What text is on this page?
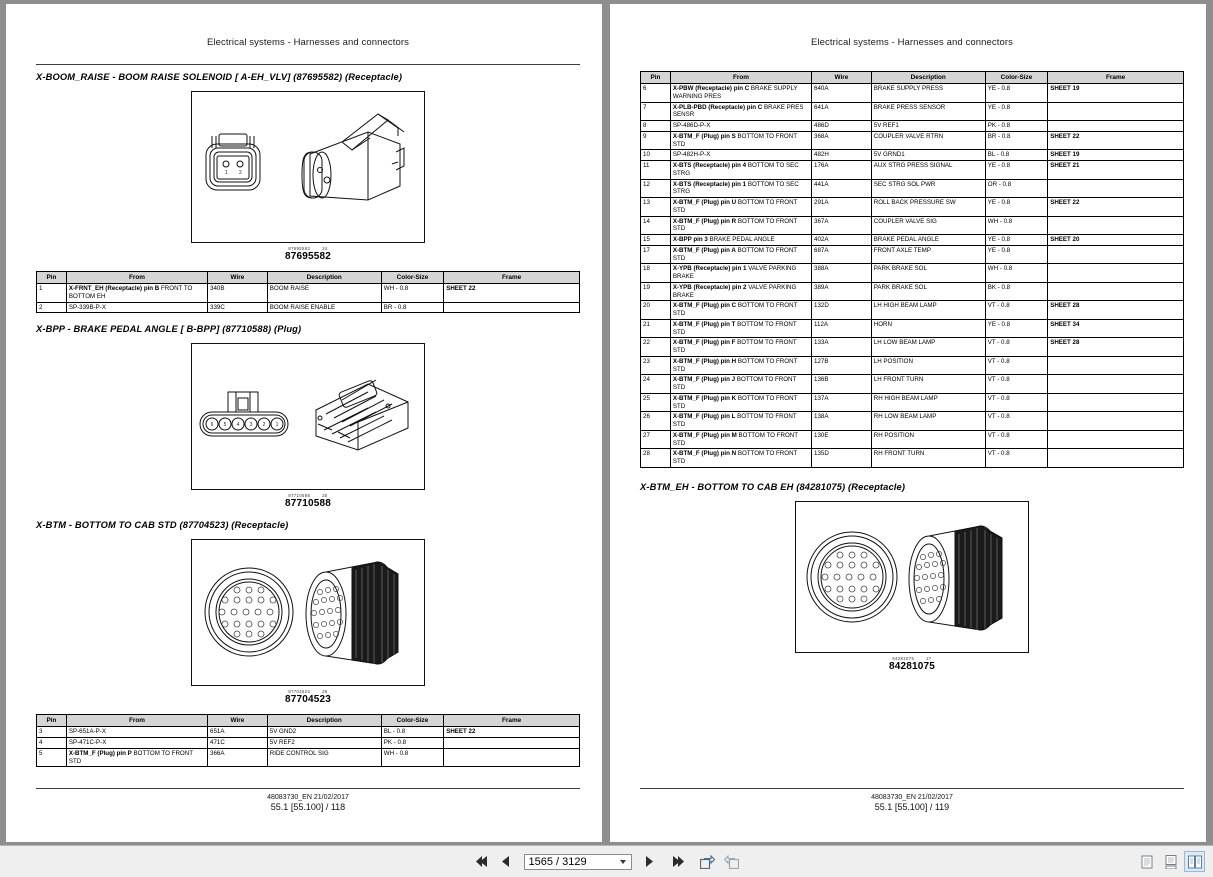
Electrical systems - Harnesses and connectors
X-BOOM_RAISE - BOOM RAISE SOLENOID [ A-EH_VLV] (87695582) (Receptacle)
1 2
87695582	24
87695582
Pin	From	Wire	Description	Color-Size	Frame
1	X-FRNT_EH (Receptacle) pin B FRONT TO BOTTOM EH	340B	BOOM RAISE	WH - 0.8	SHEET 22
2	SP-339B-P-X	339C	BOOM RAISE ENABLE	BR - 0.8	
X-BPP - BRAKE PEDAL ANGLE [ B-BPP] (87710588) (Plug)
6 5 4 3 2 1
87710588	25
87710588
X-BTM - BOTTOM TO CAB STD (87704523) (Receptacle)
87704523	26
87704523
Pin	From	Wire	Description	Color-Size	Frame
3	SP-651A-P-X	651A	5V GND2	BL - 0.8	SHEET 22
4	SP-471C-P-X	471C	5V REF2	PK - 0.8	
5	X-BTM_F (Plug) pin P BOTTOM TO FRONT STD	366A	RIDE CONTROL SIG	WH - 0.8	
48083730_EN 21/02/2017
55.1 [55.100] / 118
Electrical systems - Harnesses and connectors
Pin	From	Wire	Description	Color-Size	Frame
6	X-PBW (Receptacle) pin C BRAKE SUPPLY WARNING PRES	640A	BRAKE SUPPLY PRESS	YE - 0.8	SHEET 19
7	X-PLB-PBD (Receptacle) pin C BRAKE PRES SENSR	641A	BRAKE PRESS SENSOR	YE - 0.8	
8	SP-486D-P-X	486D	5V REF1	PK - 0.8	
9	X-BTM_F (Plug) pin S BOTTOM TO FRONT STD	368A	COUPLER VALVE RTRN	BR - 0.8	SHEET 22
10	SP-482H-P-X	482H	5V GRND1	BL - 0.8	SHEET 19
11	X-BTS (Receptacle) pin 4 BOTTOM TO SEC STRG	176A	AUX STRG PRESS SIGNAL	YE - 0.8	SHEET 21
12	X-BTS (Receptacle) pin 1 BOTTOM TO SEC STRG	441A	SEC STRG SOL PWR	OR - 0.8	
13	X-BTM_F (Plug) pin U BOTTOM TO FRONT STD	291A	ROLL BACK PRESSURE SW	YE - 0.8	SHEET 22
14	X-BTM_F (Plug) pin R BOTTOM TO FRONT STD	367A	COUPLER VALVE SIG	WH - 0.8	
15	X-BPP pin 3 BRAKE PEDAL ANGLE	402A	BRAKE PEDAL ANGLE	YE - 0.8	SHEET 20
17	X-BTM_F (Plug) pin A BOTTOM TO FRONT STD	687A	FRONT AXLE TEMP	YE - 0.8	
18	X-YPB (Receptacle) pin 1 VALVE PARKING BRAKE	388A	PARK BRAKE SOL	WH - 0.8	
19	X-YPB (Receptacle) pin 2 VALVE PARKING BRAKE	389A	PARK BRAKE SOL	BK - 0.8	
20	X-BTM_F (Plug) pin C BOTTOM TO FRONT STD	132D	LH HIGH BEAM LAMP	VT - 0.8	SHEET 28
21	X-BTM_F (Plug) pin T BOTTOM TO FRONT STD	112A	HORN	YE - 0.8	SHEET 34
22	X-BTM_F (Plug) pin F BOTTOM TO FRONT STD	133A	LH LOW BEAM LAMP	VT - 0.8	SHEET 28
23	X-BTM_F (Plug) pin H BOTTOM TO FRONT STD	127B	LH POSITION	VT - 0.8	
24	X-BTM_F (Plug) pin J BOTTOM TO FRONT STD	136B	LH FRONT TURN	VT - 0.8	
25	X-BTM_F (Plug) pin K BOTTOM TO FRONT STD	137A	RH HIGH BEAM LAMP	VT - 0.8	
26	X-BTM_F (Plug) pin L BOTTOM TO FRONT STD	138A	RH LOW BEAM LAMP	VT - 0.8	
27	X-BTM_F (Plug) pin M BOTTOM TO FRONT STD	130E	RH POSITION	VT - 0.8	
28	X-BTM_F (Plug) pin N BOTTOM TO FRONT STD	135D	RH FRONT TURN	VT - 0.8	
X-BTM_EH - BOTTOM TO CAB EH (84281075) (Receptacle)
84281075	27
84281075
48083730_EN 21/02/2017
55.1 [55.100] / 119
1565 / 3129
